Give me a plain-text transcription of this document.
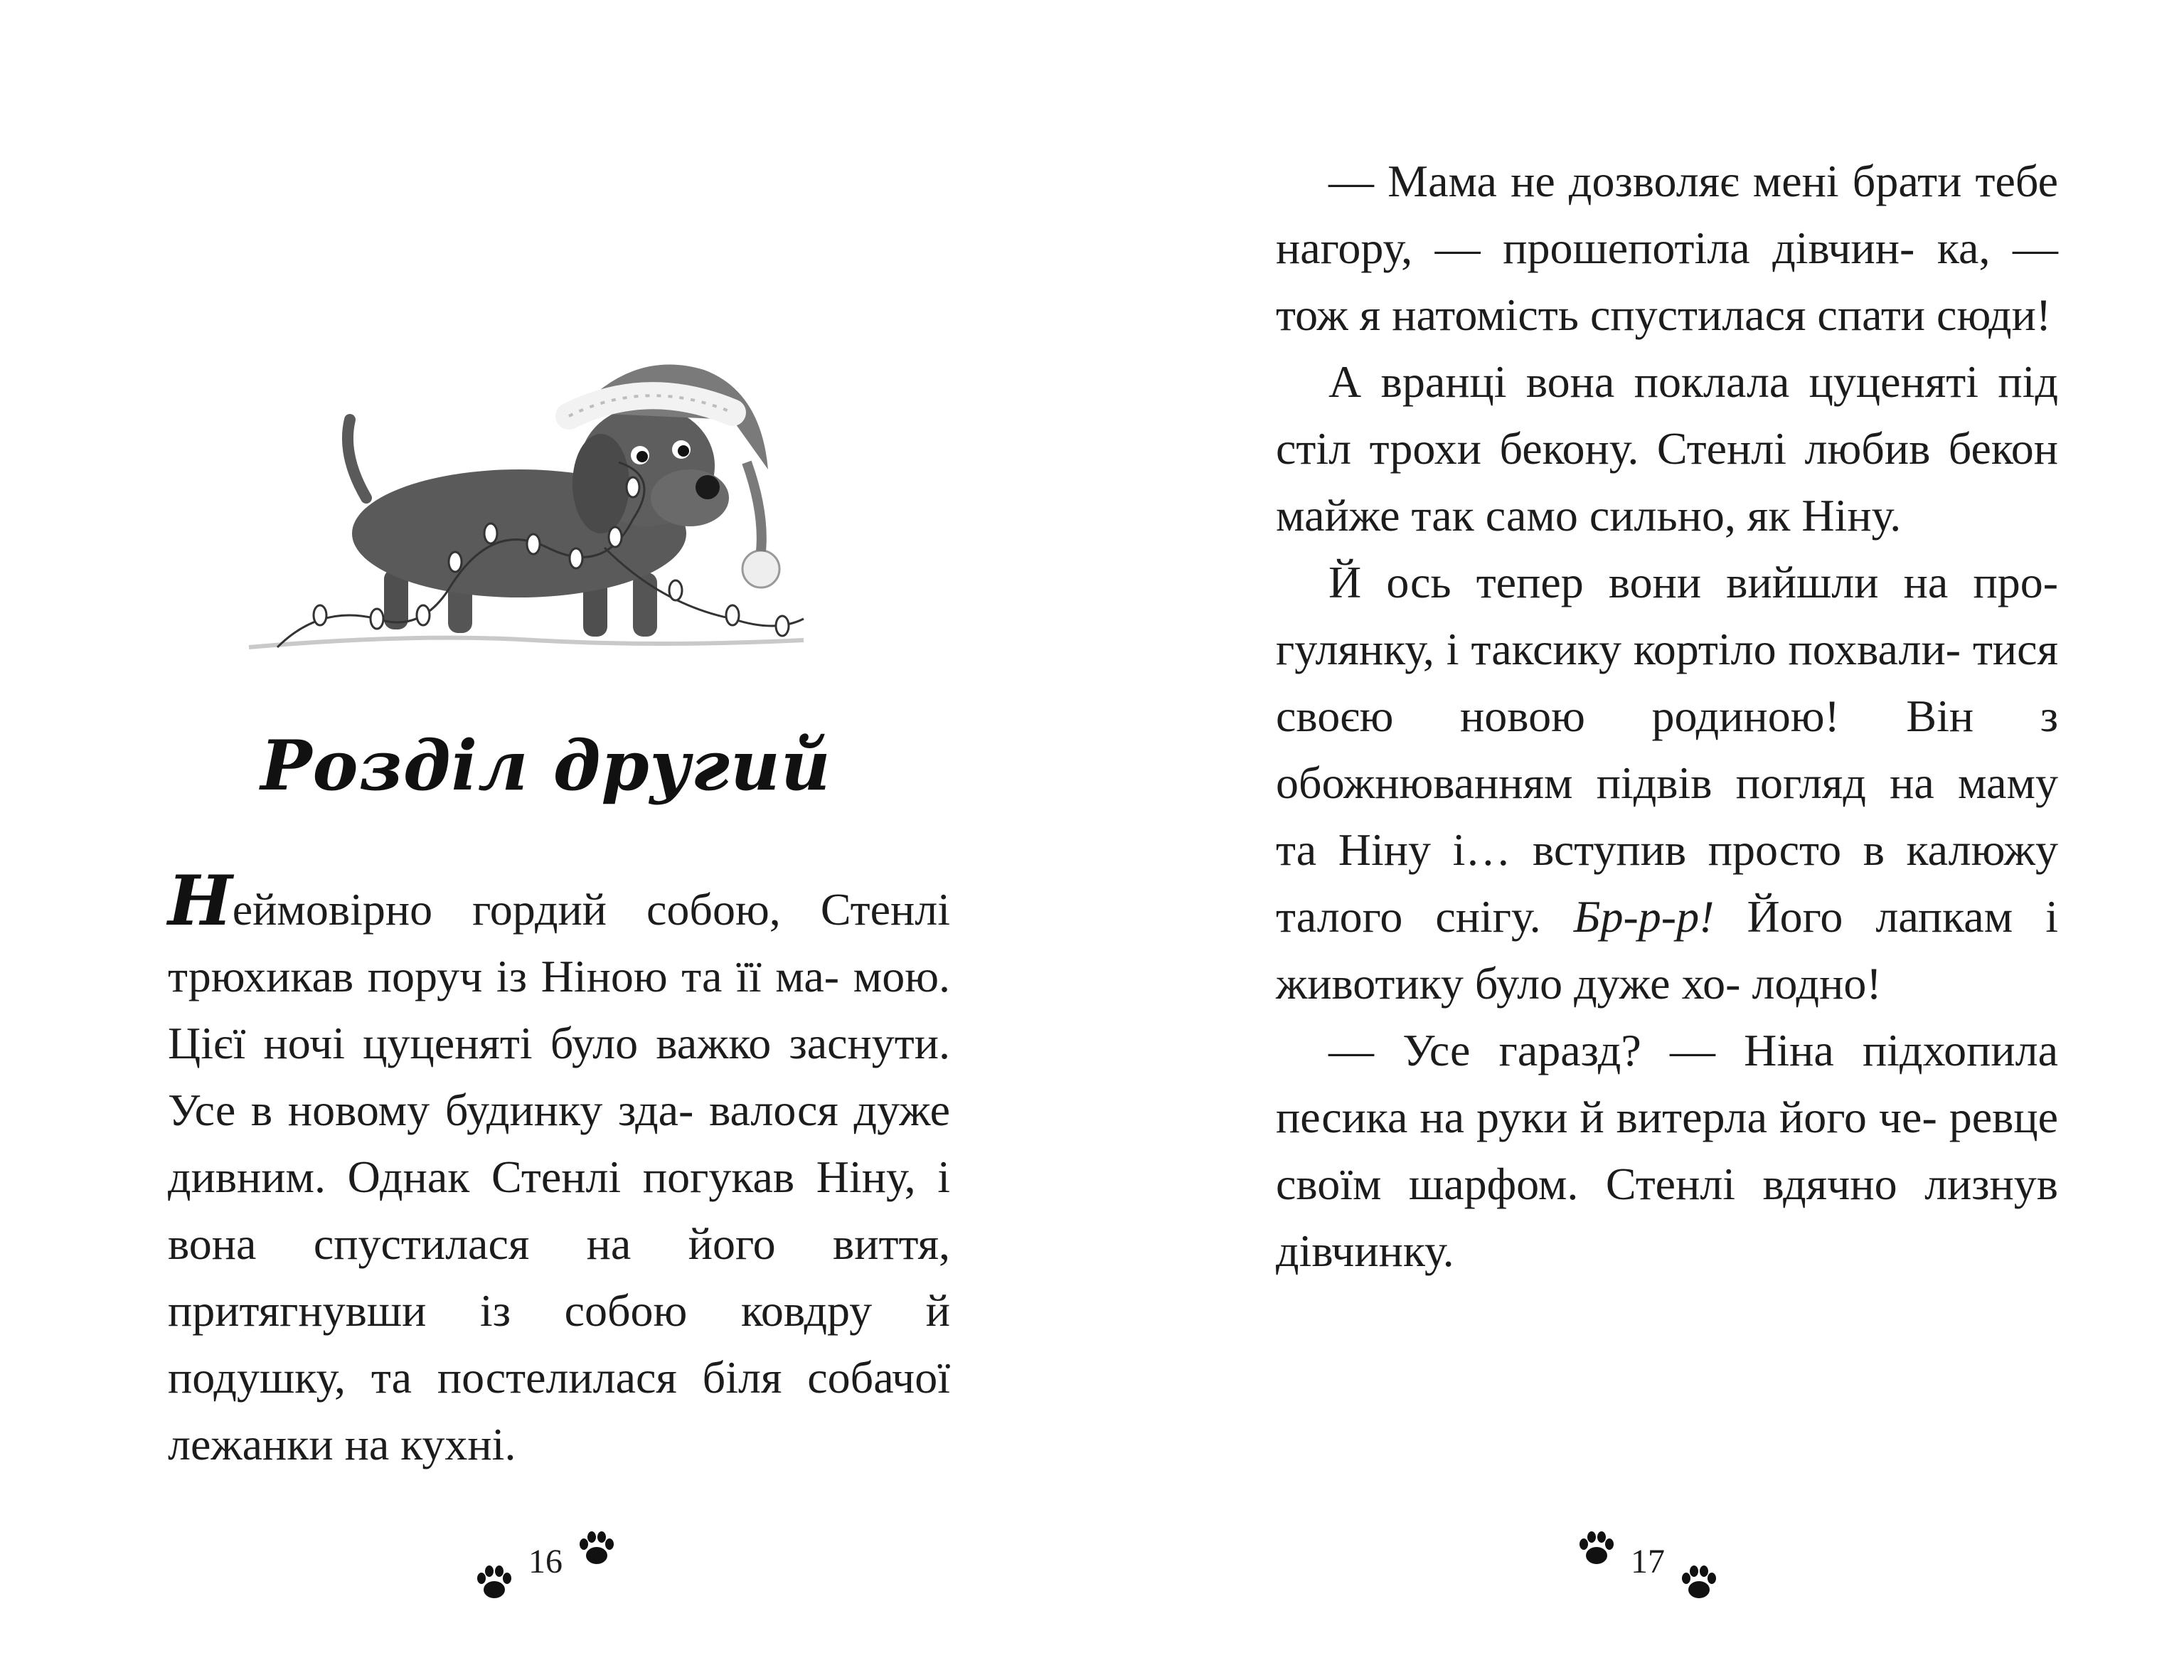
Розділ другий

Неймовірно гордий собою, Стенлі трюхикав поруч із Ніною та її ма- мою. Цієї ночі цуценяті було важко заснути. Усе в новому будинку зда- валося дуже дивним. Однак Стенлі погукав Ніну, і вона спустилася на його виття, притягнувши із собою ковдру й подушку, та постелилася біля собачої лежанки на кухні.

16

— Мама не дозволяє мені брати тебе нагору, — прошепотіла дівчин- ка, — тож я натомість спустилася спати сюди!

А вранці вона поклала цуценяті під стіл трохи бекону. Стенлі любив бекон майже так само сильно, як Ніну.

Й ось тепер вони вийшли на про- гулянку, і таксику кортіло похвали- тися своєю новою родиною! Він з обожнюванням підвів погляд на маму та Ніну і… вступив просто в калюжу талого снігу. Бр-р-р! Його лапкам і животику було дуже хо- лодно!

— Усе гаразд? — Ніна підхопила песика на руки й витерла його че- ревце своїм шарфом. Стенлі вдячно лизнув дівчинку.

17
